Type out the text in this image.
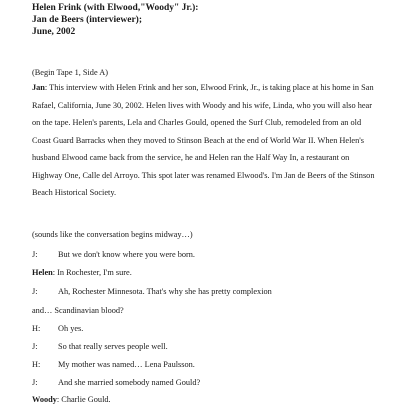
Helen Frink (with Elwood,"Woody" Jr.):
Jan de Beers (interviewer);
June, 2002
(Begin Tape 1, Side A)
Jan: This interview with Helen Frink and her son, Elwood Frink, Jr., is taking place at his home in San Rafael, California, June 30, 2002. Helen lives with Woody and his wife, Linda, who you will also hear on the tape. Helen's parents, Lela and Charles Gould, opened the Surf Club, remodeled from an old Coast Guard Barracks when they moved to Stinson Beach at the end of World War II. When Helen's husband Elwood came back from the service, he and Helen ran the Half Way In, a restaurant on Highway One, Calle del Arroyo. This spot later was renamed Elwood's. I'm Jan de Beers of the Stinson Beach Historical Society.
(sounds like the conversation begins midway…)
J: But we don't know where you were born.
Helen: In Rochester, I'm sure.
J: Ah, Rochester Minnesota. That's why she has pretty complexion
and… Scandinavian blood?
H: Oh yes.
J: So that really serves people well.
H: My mother was named… Lena Paulsson.
J: And she married somebody named Gould?
Woody: Charlie Gould.
